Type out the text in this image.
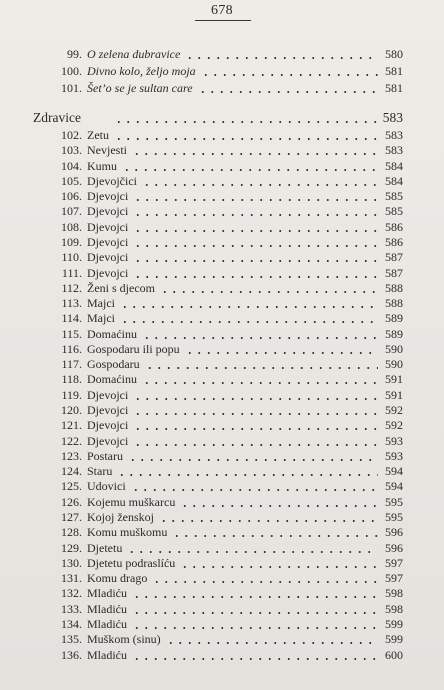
678
99. O zelena dubravice	580
100. Divno kolo, željo moja	581
101. Šet’o se je sultan care	581
Zdravice	583
102. Zetu	583
103. Nevjesti	583
104. Kumu	584
105. Djevojčici	584
106. Djevojci	585
107. Djevojci	585
108. Djevojci	586
109. Djevojci	586
110. Djevojci	587
111. Djevojci	587
112. Ženi s djecom	588
113. Majci	588
114. Majci	589
115. Domaćinu	589
116. Gospodaru ili popu	590
117. Gospodaru	590
118. Domaćinu	591
119. Djevojci	591
120. Djevojci	592
121. Djevojci	592
122. Djevojci	593
123. Postaru	593
124. Staru	594
125. Udovici	594
126. Kojemu muškarcu	595
127. Kojoj ženskoj	595
128. Komu muškomu	596
129. Djetetu	596
130. Djetetu podraslíću	597
131. Komu drago	597
132. Mladiću	598
133. Mladiću	598
134. Mladiću	599
135. Muškom (sinu)	599
136. Mladiću	600
